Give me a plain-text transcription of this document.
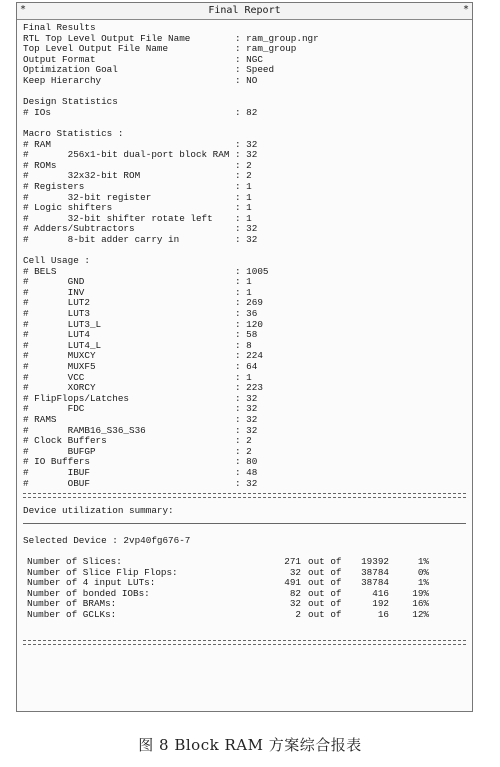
*	Final Report	*
Final Results
RTL Top Level Output File Name	: ram_group.ngr
Top Level Output File Name	: ram_group
Output Format	: NGC
Optimization Goal	: Speed
Keep Hierarchy	: NO
Design Statistics
# IOs	: 82
Macro Statistics :
# RAM	: 32
#       256x1-bit dual-port block RAM : 32
# ROMs	: 2
#       32x32-bit ROM	: 2
# Registers	: 1
#       32-bit register	: 1
# Logic shifters	: 1
#       32-bit shifter rotate left : 1
# Adders/Subtractors	: 32
#       8-bit adder carry in	: 32
Cell Usage :
# BELS	: 1005
#       GND	: 1
#       INV	: 1
#       LUT2	: 269
#       LUT3	: 36
#       LUT3_L	: 120
#       LUT4	: 58
#       LUT4_L	: 8
#       MUXCY	: 224
#       MUXF5	: 64
#       VCC	: 1
#       XORCY	: 223
# FlipFlops/Latches	: 32
#       FDC	: 32
# RAMS	: 32
#       RAMB16_S36_S36	: 32
# Clock Buffers	: 2
#       BUFGP	: 2
# IO Buffers	: 80
#       IBUF	: 48
#       OBUF	: 32
Device utilization summary:
Selected Device : 2vp40fg676-7
Number of Slices:	271 out of	19392	1%
Number of Slice Flip Flops:	32 out of	38784	0%
Number of 4 input LUTs:	491 out of	38784	1%
Number of bonded IOBs:	82 out of	416	19%
Number of BRAMs:	32 out of	192	16%
Number of GCLKs:	2 out of	16	12%
图 8 Block RAM 方案综合报表
